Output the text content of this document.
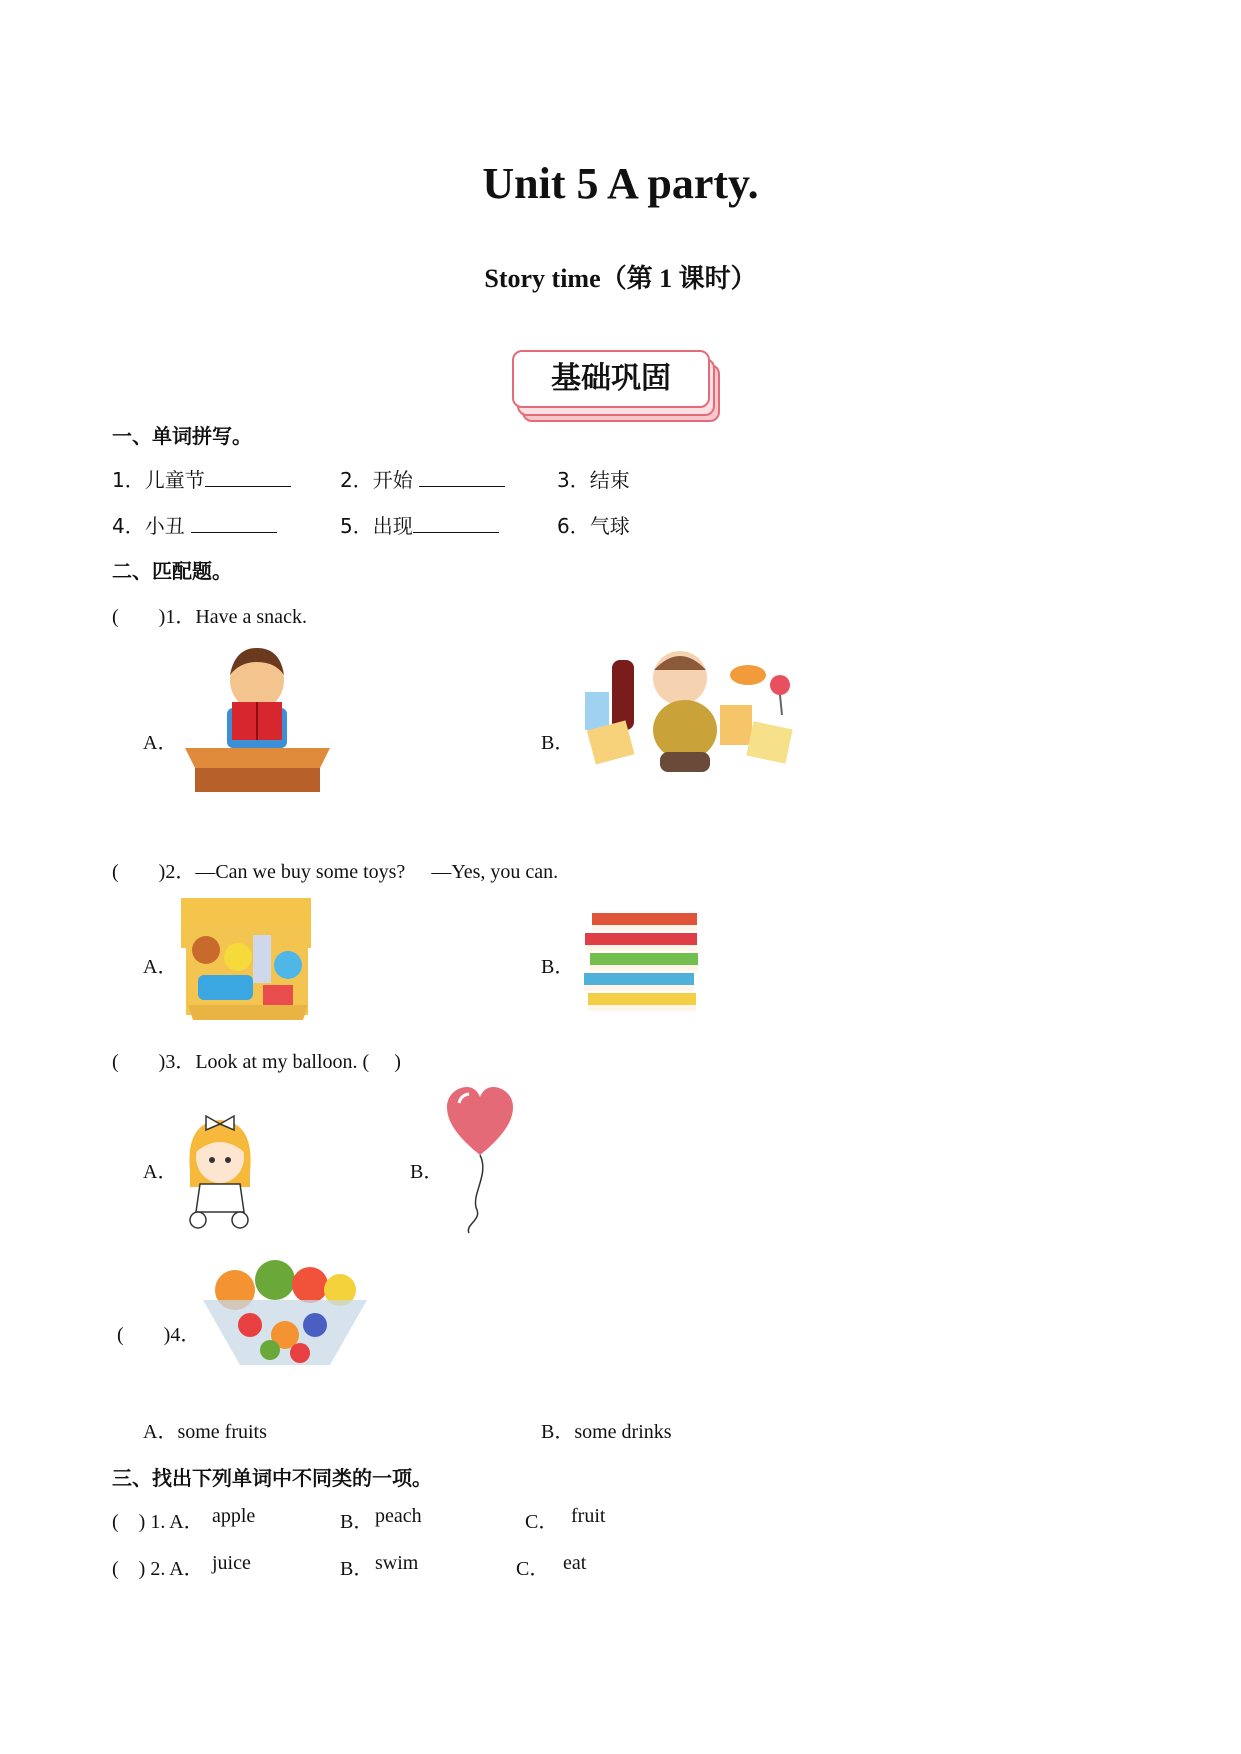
Unit 5 A party.
Story time（第 1 课时）
基础巩固
一、单词拼写。
1．儿童节	2．开始	3．结束
4．小丑	5．出现	6．气球
二、匹配题。
(　　)1．Have a snack.
A．	B．
(　　)2．—Can we buy some toys? —Yes, you can.
A．	B．
(　　)3．Look at my balloon. (　 )
A．	B．
(　　)4．
A．some fruits	B．some drinks
三、找出下列单词中不同类的一项。
(　) 1. A． apple	B． peach	C． fruit
(　) 2. A． juice	B． swim	C． eat
